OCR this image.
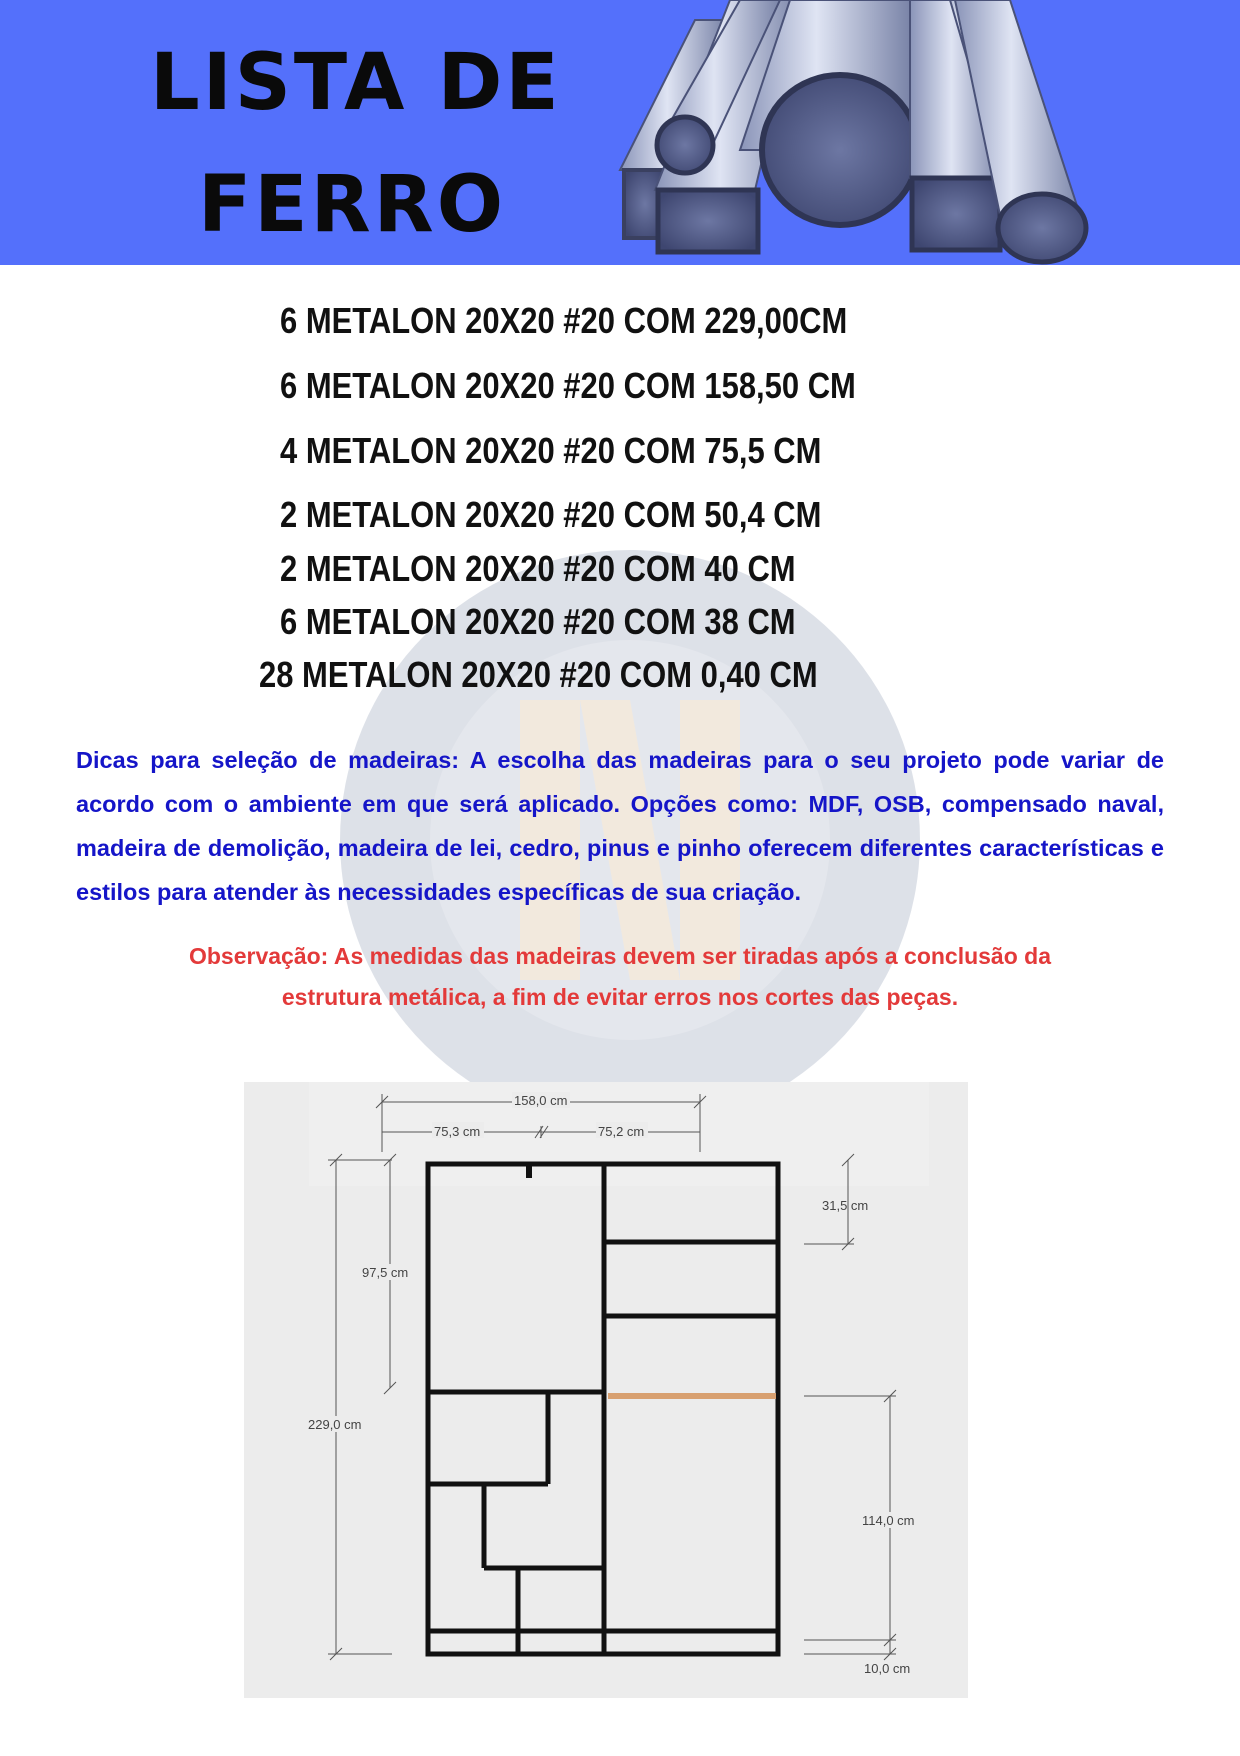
LISTA DE
FERRO
6 METALON 20X20 #20 COM 229,00CM
6 METALON 20X20 #20 COM 158,50 CM
4 METALON 20X20 #20 COM 75,5 CM
2 METALON 20X20 #20 COM 50,4 CM
2 METALON 20X20 #20 COM 40 CM
6 METALON 20X20 #20 COM 38 CM
28 METALON 20X20 #20 COM 0,40 CM
Dicas para seleção de madeiras: A escolha das madeiras para o seu projeto pode variar de acordo com o ambiente em que será aplicado. Opções como: MDF, OSB, compensado naval, madeira de demolição, madeira de lei, cedro, pinus e pinho oferecem diferentes características e estilos para atender às necessidades específicas de sua criação.
Observação: As medidas das madeiras devem ser tiradas após a conclusão da
estrutura metálica, a fim de evitar erros nos cortes das peças.
158,0 cm
75,3 cm	75,2 cm
31,5 cm
97,5 cm
229,0 cm
114,0 cm
10,0 cm
